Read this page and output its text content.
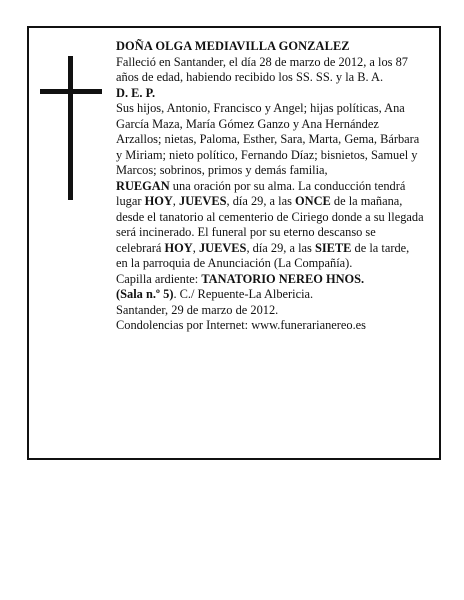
DOÑA OLGA MEDIAVILLA GONZALEZ

Falleció en Santander, el día 28 de marzo de 2012, a los 87 años de edad, habiendo recibido los SS. SS. y la B. A.

D. E. P.

Sus hijos, Antonio, Francisco y Angel; hijas políticas, Ana García Maza, María Gómez Ganzo y Ana Hernández Arzallos; nietas, Paloma, Esther, Sara, Marta, Gema, Bárbara y Miriam; nieto político, Fernando Díaz; bisnietos, Samuel y Marcos; sobrinos, primos y demás familia,

RUEGAN una oración por su alma. La conducción tendrá lugar HOY, JUEVES, día 29, a las ONCE de la mañana, desde el tanatorio al cementerio de Ciriego donde a su llegada será incinerado. El funeral por su eterno descanso se celebrará HOY, JUEVES, día 29, a las SIETE de la tarde, en la parroquia de Anunciación (La Compañía).

Capilla ardiente: TANATORIO NEREO HNOS.
(Sala n.º 5). C./ Repuente-La Albericia.

Santander, 29 de marzo de 2012.

Condolencias por Internet: www.funerarianereo.es
